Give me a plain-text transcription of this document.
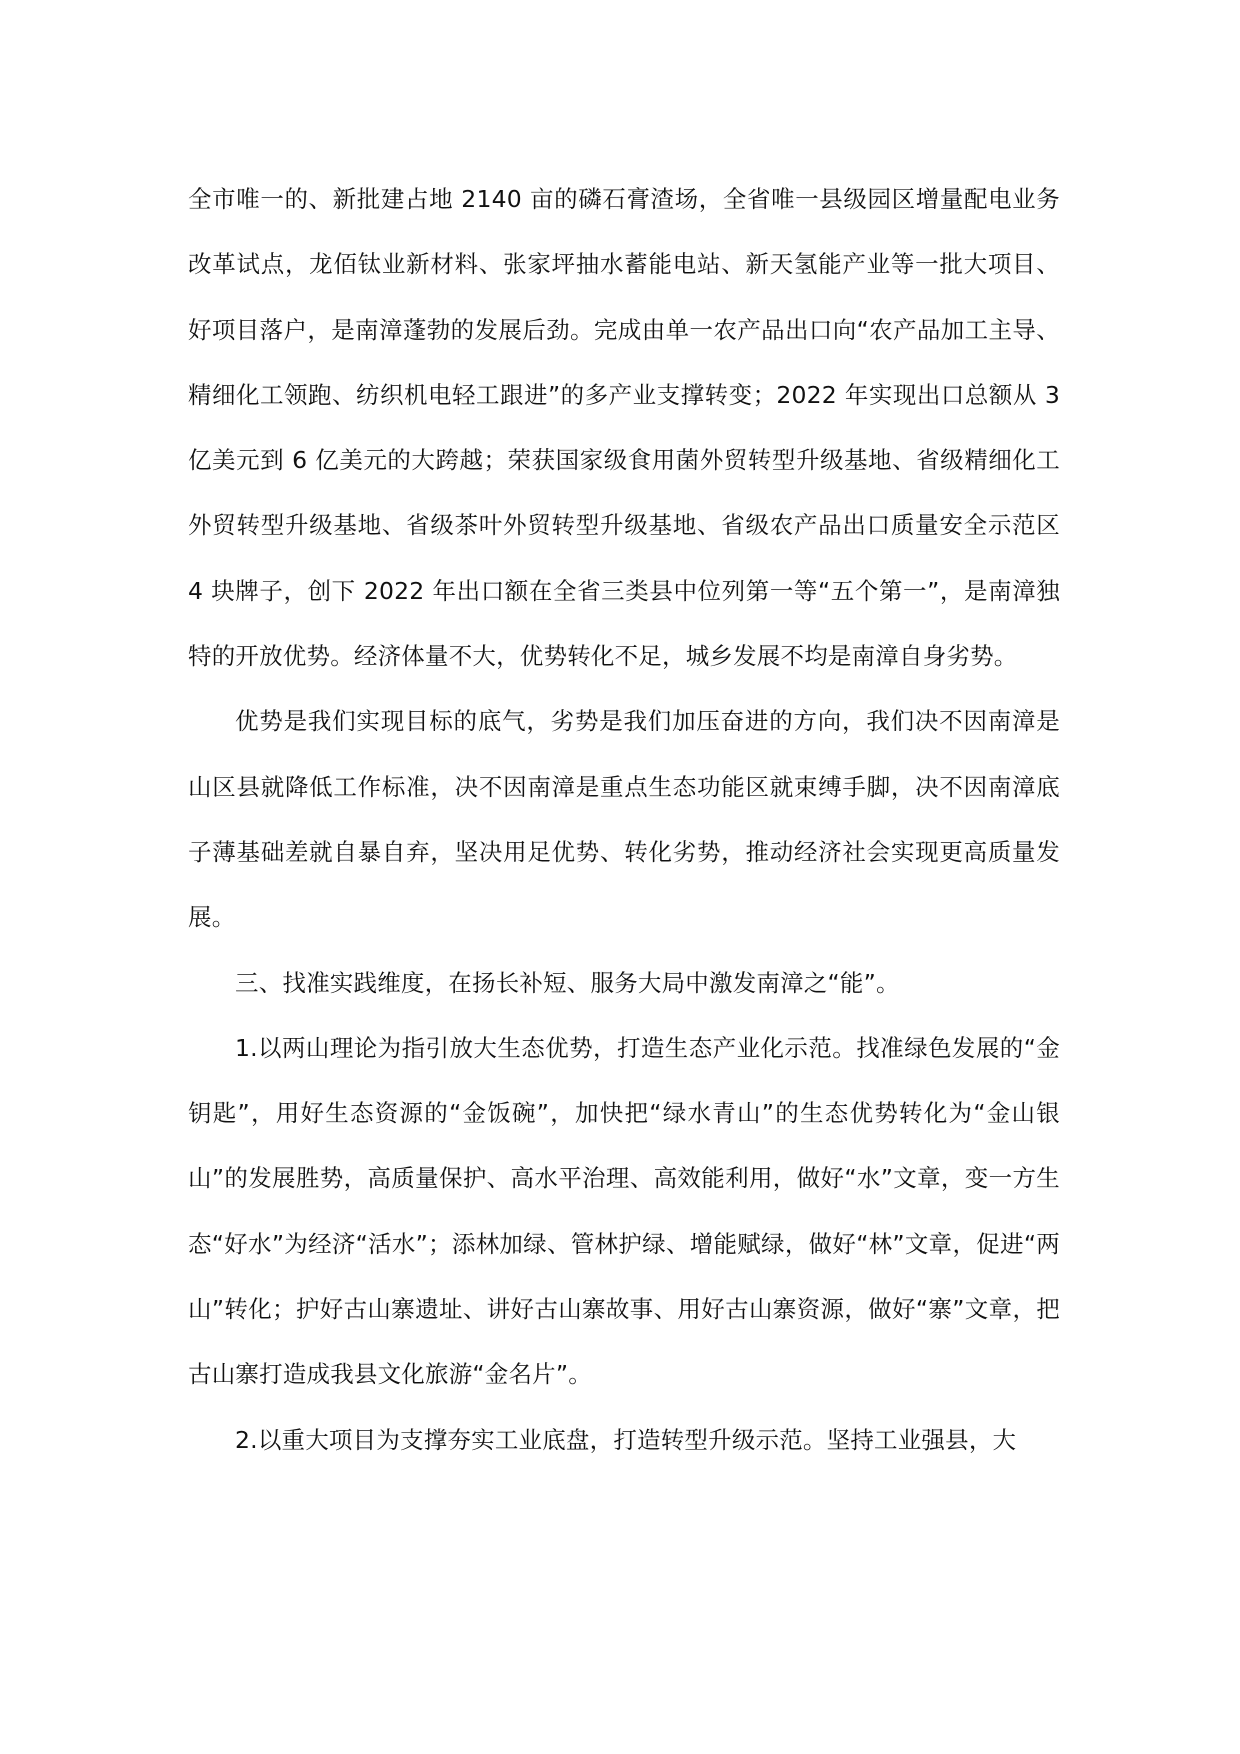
全市唯一的、新批建占地 2140 亩的磷石膏渣场，全省唯一县级园区增量配电业务改革试点，龙佰钛业新材料、张家坪抽水蓄能电站、新天氢能产业等一批大项目、好项目落户，是南漳蓬勃的发展后劲。完成由单一农产品出口向“农产品加工主导、精细化工领跑、纺织机电轻工跟进”的多产业支撑转变；2022 年实现出口总额从 3 亿美元到 6 亿美元的大跨越；荣获国家级食用菌外贸转型升级基地、省级精细化工外贸转型升级基地、省级茶叶外贸转型升级基地、省级农产品出口质量安全示范区 4 块牌子，创下 2022 年出口额在全省三类县中位列第一等“五个第一”，是南漳独特的开放优势。经济体量不大，优势转化不足，城乡发展不均是南漳自身劣势。

优势是我们实现目标的底气，劣势是我们加压奋进的方向，我们决不因南漳是山区县就降低工作标准，决不因南漳是重点生态功能区就束缚手脚，决不因南漳底子薄基础差就自暴自弃，坚决用足优势、转化劣势，推动经济社会实现更高质量发展。

三、找准实践维度，在扬长补短、服务大局中激发南漳之“能”。

1.以两山理论为指引放大生态优势，打造生态产业化示范。找准绿色发展的“金钥匙”，用好生态资源的“金饭碗”，加快把“绿水青山”的生态优势转化为“金山银山”的发展胜势，高质量保护、高水平治理、高效能利用，做好“水”文章，变一方生态“好水”为经济“活水”；添林加绿、管林护绿、增能赋绿，做好“林”文章，促进“两山”转化；护好古山寨遗址、讲好古山寨故事、用好古山寨资源，做好“寨”文章，把古山寨打造成我县文化旅游“金名片”。

2.以重大项目为支撑夯实工业底盘，打造转型升级示范。坚持工业强县，大
